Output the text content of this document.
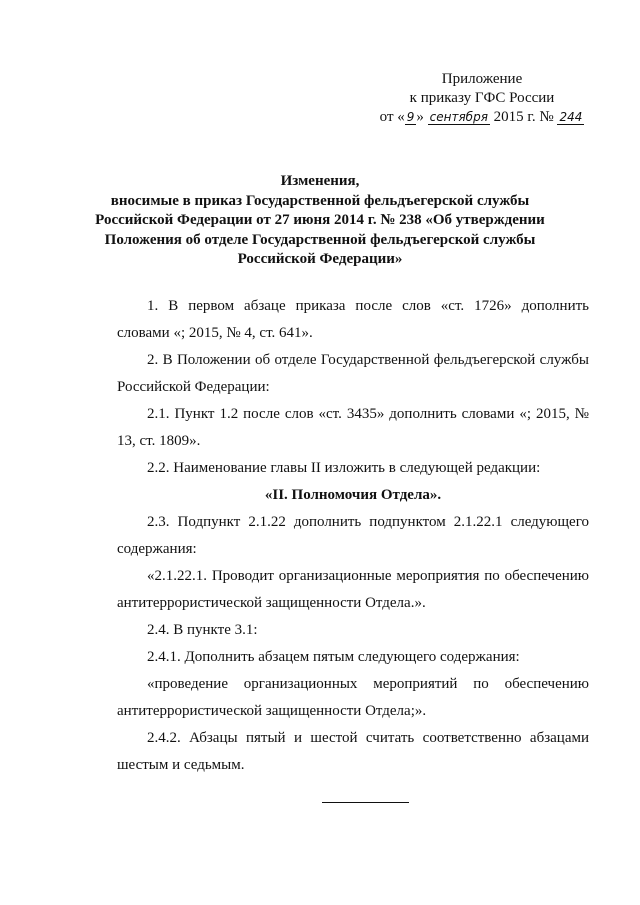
Приложение
к приказу ГФС России
от « 9 » сентября 2015 г. № 244
Изменения,
вносимые в приказ Государственной фельдъегерской службы
Российской Федерации от 27 июня 2014 г. № 238 «Об утверждении
Положения об отделе Государственной фельдъегерской службы
Российской Федерации»

1. В первом абзаце приказа после слов «ст. 1726» дополнить словами «; 2015, № 4, ст. 641».

2. В Положении об отделе Государственной фельдъегерской службы Российской Федерации:

2.1. Пункт 1.2 после слов «ст. 3435» дополнить словами «; 2015, № 13, ст. 1809».

2.2. Наименование главы II изложить в следующей редакции:

«II. Полномочия Отдела».

2.3. Подпункт 2.1.22 дополнить подпунктом 2.1.22.1 следующего содержания:

«2.1.22.1. Проводит организационные мероприятия по обеспечению антитеррористической защищенности Отдела.».

2.4. В пункте 3.1:

2.4.1. Дополнить абзацем пятым следующего содержания:

«проведение организационных мероприятий по обеспечению антитеррористической защищенности Отдела;».

2.4.2. Абзацы пятый и шестой считать соответственно абзацами шестым и седьмым.
